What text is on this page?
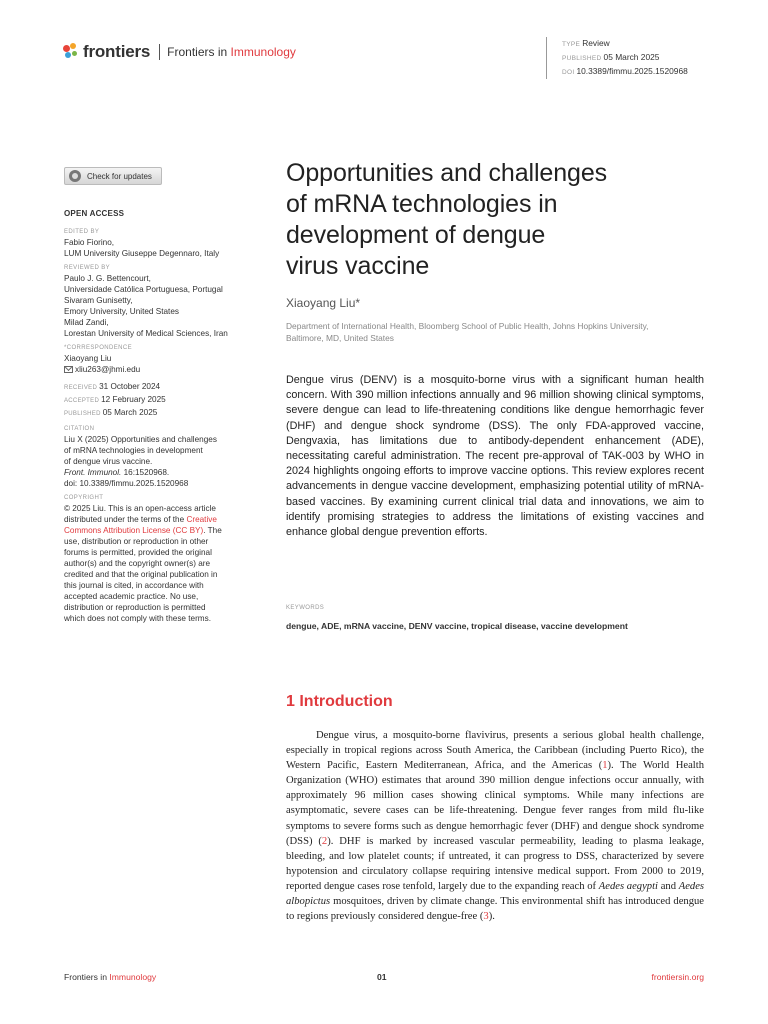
frontiers Frontiers in Immunology
TYPE Review
PUBLISHED 05 March 2025
DOI 10.3389/fimmu.2025.1520968
Check for updates
OPEN ACCESS
EDITED BY
Fabio Fiorino,
LUM University Giuseppe Degennaro, Italy
REVIEWED BY
Paulo J. G. Bettencourt,
Universidade Católica Portuguesa, Portugal
Sivaram Gunisetty,
Emory University, United States
Milad Zandi,
Lorestan University of Medical Sciences, Iran
*CORRESPONDENCE
Xiaoyang Liu
xliu263@jhmi.edu
RECEIVED 31 October 2024
ACCEPTED 12 February 2025
PUBLISHED 05 March 2025
CITATION
Liu X (2025) Opportunities and challenges
of mRNA technologies in development
of dengue virus vaccine.
Front. Immunol. 16:1520968.
doi: 10.3389/fimmu.2025.1520968
COPYRIGHT
© 2025 Liu. This is an open-access article
distributed under the terms of the Creative
Commons Attribution License (CC BY). The
use, distribution or reproduction in other
forums is permitted, provided the original
author(s) and the copyright owner(s) are
credited and that the original publication in
this journal is cited, in accordance with
accepted academic practice. No use,
distribution or reproduction is permitted
which does not comply with these terms.
Opportunities and challenges
of mRNA technologies in
development of dengue
virus vaccine
Xiaoyang Liu*
Department of International Health, Bloomberg School of Public Health, Johns Hopkins University,
Baltimore, MD, United States

Dengue virus (DENV) is a mosquito-borne virus with a significant human health concern. With 390 million infections annually and 96 million showing clinical symptoms, severe dengue can lead to life-threatening conditions like dengue hemorrhagic fever (DHF) and dengue shock syndrome (DSS). The only FDA-approved vaccine, Dengvaxia, has limitations due to antibody-dependent enhancement (ADE), necessitating careful administration. The recent pre-approval of TAK-003 by WHO in 2024 highlights ongoing efforts to improve vaccine options. This review explores recent advancements in dengue vaccine development, emphasizing potential utility of mRNA-based vaccines. By examining current clinical trial data and innovations, we aim to identify promising strategies to address the limitations of existing vaccines and enhance global dengue prevention efforts.

KEYWORDS
dengue, ADE, mRNA vaccine, DENV vaccine, tropical disease, vaccine development
1 Introduction

Dengue virus, a mosquito-borne flavivirus, presents a serious global health challenge, especially in tropical regions across South America, the Caribbean (including Puerto Rico), the Western Pacific, Eastern Mediterranean, Africa, and the Americas (1). The World Health Organization (WHO) estimates that around 390 million dengue infections occur annually, with approximately 96 million cases showing clinical symptoms. While many infections are asymptomatic, severe cases can be life-threatening. Dengue fever ranges from mild flu-like symptoms to severe forms such as dengue hemorrhagic fever (DHF) and dengue shock syndrome (DSS) (2). DHF is marked by increased vascular permeability, leading to plasma leakage, bleeding, and low platelet counts; if untreated, it can progress to DSS, characterized by severe hypotension and circulatory collapse requiring intensive medical support. From 2000 to 2019, reported dengue cases rose tenfold, largely due to the expanding reach of Aedes aegypti and Aedes albopictus mosquitoes, driven by climate change. This environmental shift has introduced dengue to regions previously considered dengue-free (3).

Frontiers in Immunology	01	frontiersin.org
